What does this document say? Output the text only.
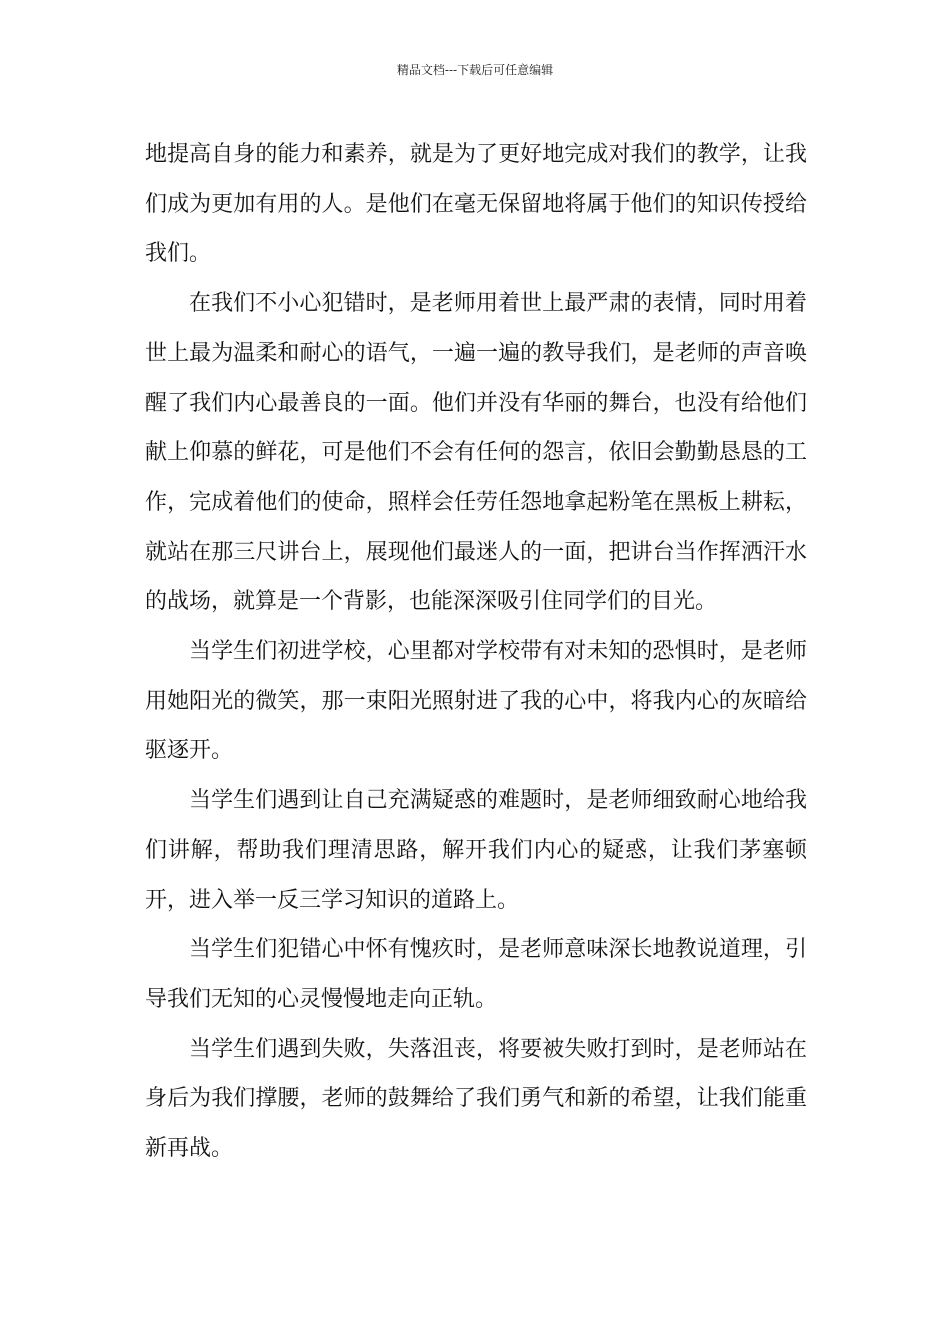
精品文档---下载后可任意编辑

地提高自身的能力和素养，就是为了更好地完成对我们的教学，让我们成为更加有用的人。是他们在毫无保留地将属于他们的知识传授给我们。

在我们不小心犯错时，是老师用着世上最严肃的表情，同时用着世上最为温柔和耐心的语气，一遍一遍的教导我们，是老师的声音唤醒了我们内心最善良的一面。他们并没有华丽的舞台，也没有给他们献上仰慕的鲜花，可是他们不会有任何的怨言，依旧会勤勤恳恳的工作，完成着他们的使命，照样会任劳任怨地拿起粉笔在黑板上耕耘，就站在那三尺讲台上，展现他们最迷人的一面，把讲台当作挥洒汗水的战场，就算是一个背影，也能深深吸引住同学们的目光。

当学生们初进学校，心里都对学校带有对未知的恐惧时，是老师用她阳光的微笑，那一束阳光照射进了我的心中，将我内心的灰暗给驱逐开。

当学生们遇到让自己充满疑惑的难题时，是老师细致耐心地给我们讲解，帮助我们理清思路，解开我们内心的疑惑，让我们茅塞顿开，进入举一反三学习知识的道路上。

当学生们犯错心中怀有愧疚时，是老师意味深长地教说道理，引导我们无知的心灵慢慢地走向正轨。

当学生们遇到失败，失落沮丧，将要被失败打到时，是老师站在身后为我们撑腰，老师的鼓舞给了我们勇气和新的希望，让我们能重新再战。
